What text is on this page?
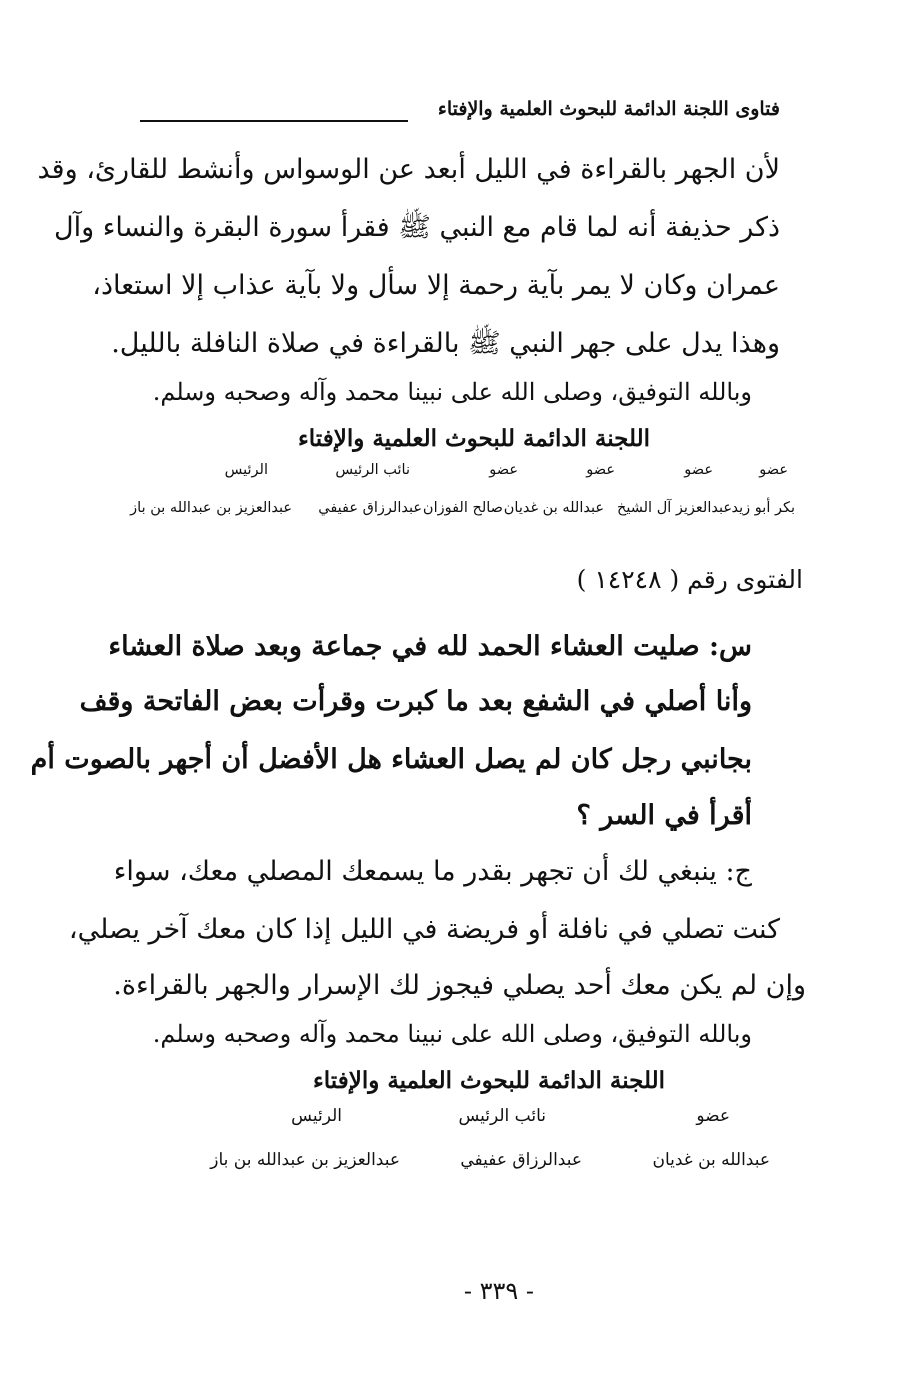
فتاوى اللجنة الدائمة للبحوث العلمية والإفتاء

لأن الجهر بالقراءة في الليل أبعد عن الوسواس وأنشط للقارئ، وقد

ذكر حذيفة أنه لما قام مع النبي ﷺ فقرأ سورة البقرة والنساء وآل

عمران وكان لا يمر بآية رحمة إلا سأل ولا بآية عذاب إلا استعاذ،

وهذا يدل على جهر النبي ﷺ بالقراءة في صلاة النافلة بالليل.

وبالله التوفيق، وصلى الله على نبينا محمد وآله وصحبه وسلم.

اللجنة الدائمة للبحوث العلمية والإفتاء

عضو
عضو
عضو
عضو
نائب الرئيس
الرئيس
بكر أبو زيد
عبدالعزيز آل الشيخ
عبدالله بن غديان
صالح الفوزان
عبدالرزاق عفيفي
عبدالعزيز بن عبدالله بن باز

الفتوى رقم ( ١٤٢٤٨ )

س: صليت العشاء الحمد لله في جماعة وبعد صلاة العشاء

وأنا أصلي في الشفع بعد ما كبرت وقرأت بعض الفاتحة وقف

بجانبي رجل كان لم يصل العشاء هل الأفضل أن أجهر بالصوت أم

أقرأ في السر ؟

ج: ينبغي لك أن تجهر بقدر ما يسمعك المصلي معك، سواء

كنت تصلي في نافلة أو فريضة في الليل إذا كان معك آخر يصلي،

وإن لم يكن معك أحد يصلي فيجوز لك الإسرار والجهر بالقراءة.

وبالله التوفيق، وصلى الله على نبينا محمد وآله وصحبه وسلم.

اللجنة الدائمة للبحوث العلمية والإفتاء

عضو
نائب الرئيس
الرئيس
عبدالله بن غديان
عبدالرزاق عفيفي
عبدالعزيز بن عبدالله بن باز

- ٣٣٩ -
